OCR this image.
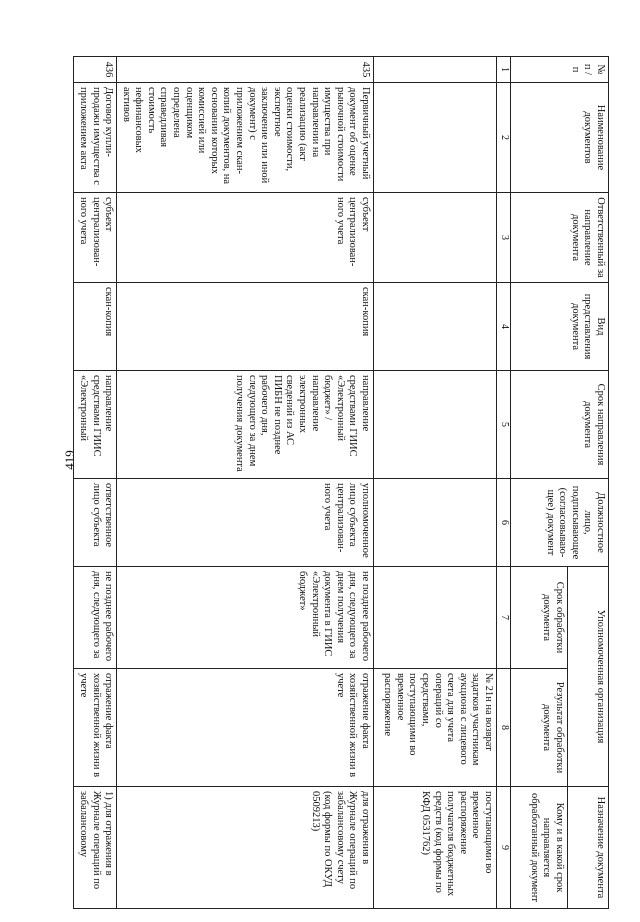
419
№ п / п	Наименование документов	Ответственный за направление документа	Вид представления документа	Срок направления документа	Должностное лицо, подписывающее (согласовываю-щее) документ	Уполномоченная организация		Назначение документа
						Срок обработки документа	Результат обработки документа	Кому и в какой срок направляется обработанный документ
1	2	3	4	5	6	7	8	9
							№ 21н на возврат задатков участникам аукциона с лицевого счета для учета операций со средствами, поступающими во временное распоряжение	поступающими во временное распоряжение получателя бюджетных средств (код формы по КФД 0531762)
435	Первичный учетный документ об оценке рыночной стоимости имущества при направлении на реализацию (акт оценки стоимости, экспертное заключение или иной документ) с приложением скан-копий документов, на основании которых комиссией или оценщиком определена справедливая стоимость нефинансовых активов	субъект централизован-ного учета	скан-копия	направление средствами ГИИС «Электронный бюджет» / направление электронных сведений из АС ПИБН не позднее рабочего дня, следующего за днем получения документа	уполномоченное лицо субъекта централизован-ного учета	не позднее рабочего дня, следующего за днем получения документа в ГИИС «Электронный бюджет»	отражение факта хозяйственной жизни в учете	для отражения в Журнале операций по забалансовому счету (код формы по ОКУД 0509213)
436	Договор купли-продажи имущества с приложением акта	субъект централизован-ного учета	скан-копия	направление средствами ГИИС «Электронный	ответственное лицо субъекта	не позднее рабочего дня, следующего за	отражение факта хозяйственной жизни в учете	1) для отражения в Журнале операций по забалансовому
